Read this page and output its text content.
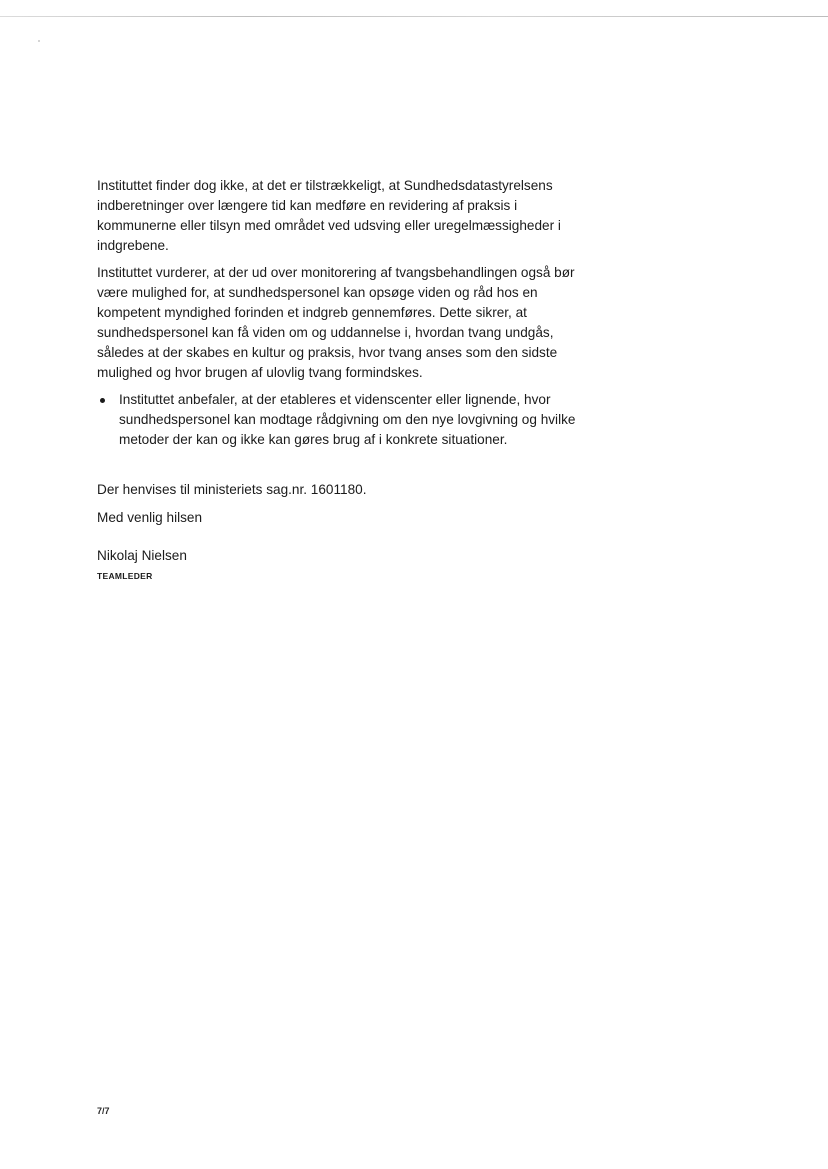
Instituttet finder dog ikke, at det er tilstrækkeligt, at Sundhedsdatastyrelsens indberetninger over længere tid kan medføre en revidering af praksis i kommunerne eller tilsyn med området ved udsving eller uregelmæssigheder i indgrebene.

Instituttet vurderer, at der ud over monitorering af tvangsbehandlingen også bør være mulighed for, at sundhedspersonel kan opsøge viden og råd hos en kompetent myndighed forinden et indgreb gennemføres. Dette sikrer, at sundhedspersonel kan få viden om og uddannelse i, hvordan tvang undgås, således at der skabes en kultur og praksis, hvor tvang anses som den sidste mulighed og hvor brugen af ulovlig tvang formindskes.

Instituttet anbefaler, at der etableres et videnscenter eller lignende, hvor sundhedspersonel kan modtage rådgivning om den nye lovgivning og hvilke metoder der kan og ikke kan gøres brug af i konkrete situationer.

Der henvises til ministeriets sag.nr. 1601180.

Med venlig hilsen

Nikolaj Nielsen

TEAMLEDER

7/7
